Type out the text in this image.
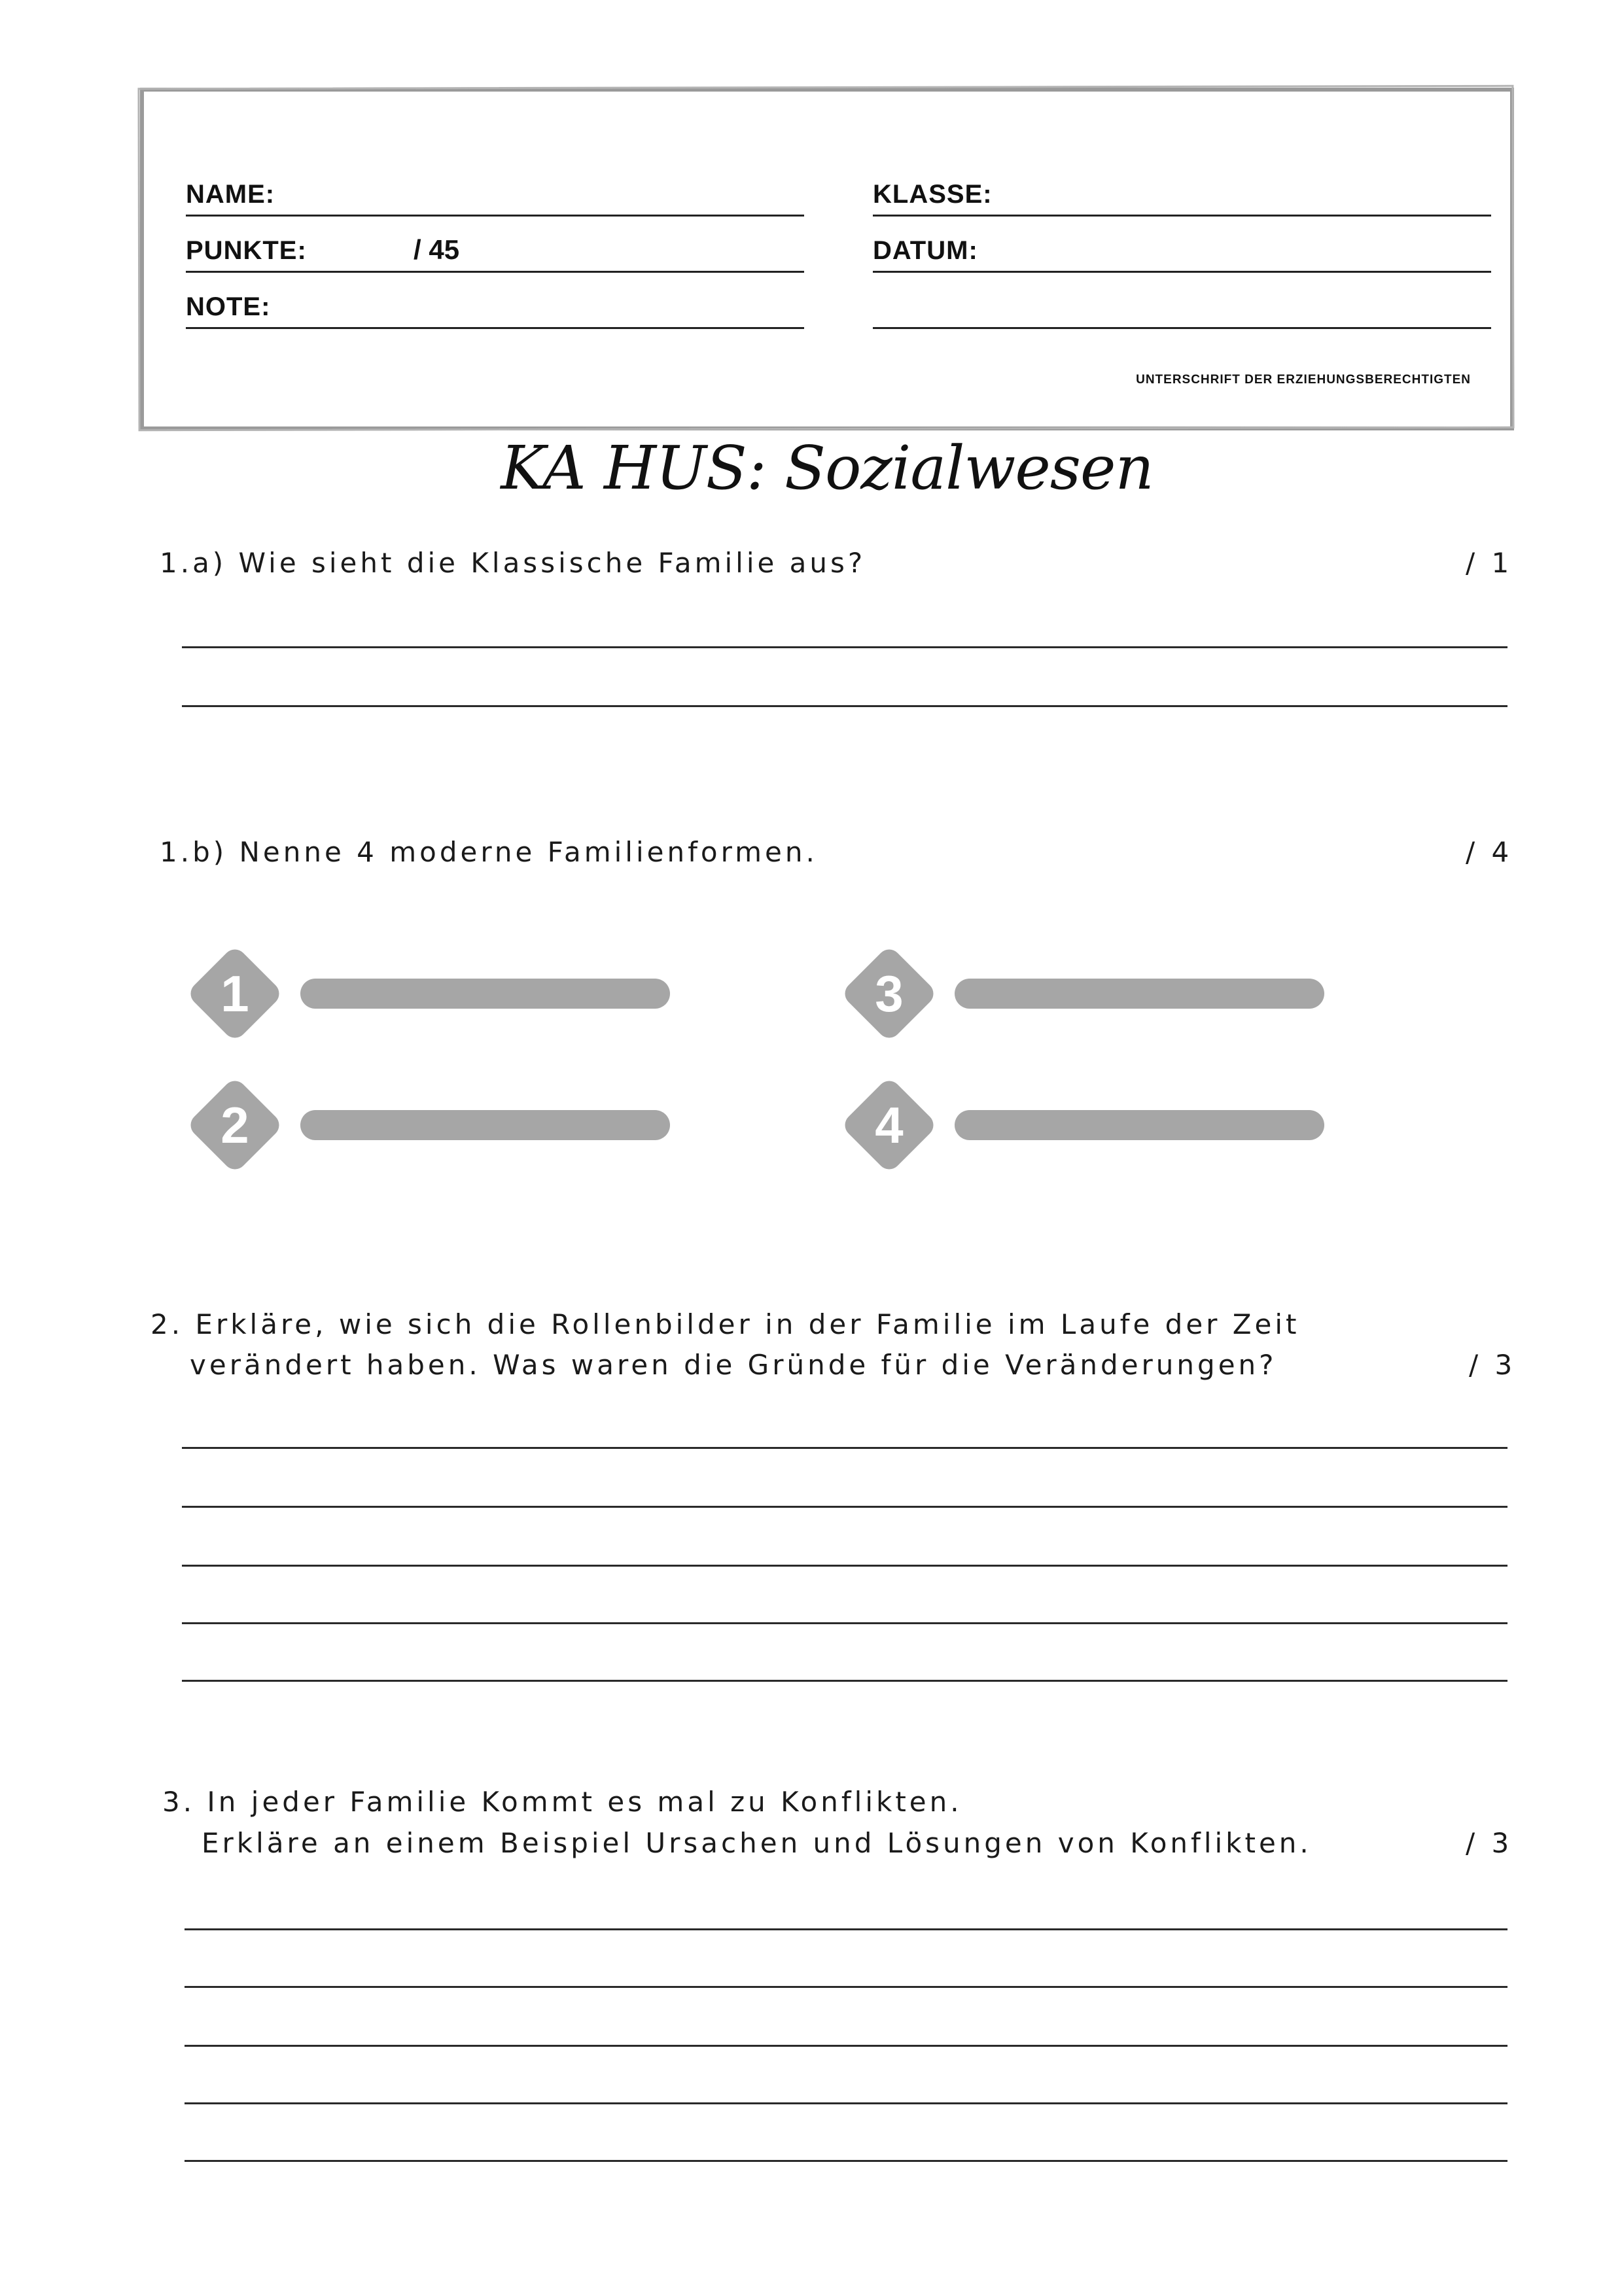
NAME:	KLASSE:
PUNKTE:	/ 45	DATUM:
NOTE:
UNTERSCHRIFT DER ERZIEHUNGSBERECHTIGTEN
KA HUS: Sozialwesen
1.a) Wie sieht die Klassische Familie aus?	/ 1
1.b) Nenne 4 moderne Familienformen.	/ 4
1
2
3
4
2. Erkläre, wie sich die Rollenbilder in der Familie im Laufe der Zeit
verändert haben. Was waren die Gründe für die Veränderungen?	/ 3
3. In jeder Familie Kommt es mal zu Konflikten.
Erkläre an einem Beispiel Ursachen und Lösungen von Konflikten.	/ 3
